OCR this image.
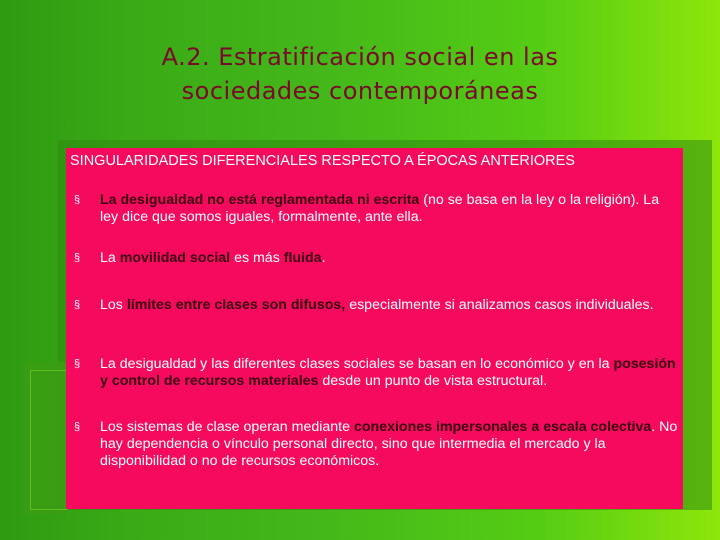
A.2. Estratificación social en las
sociedades contemporáneas
SINGULARIDADES DIFERENCIALES RESPECTO A ÉPOCAS ANTERIORES
§ La desigualdad no está reglamentada ni escrita (no se basa en la ley o la religión). La ley dice que somos iguales, formalmente, ante ella.
§ La movilidad social es más fluida.
§ Los límites entre clases son difusos, especialmente si analizamos casos individuales.
§ La desigualdad y las diferentes clases sociales se basan en lo económico y en la posesión y control de recursos materiales desde un punto de vista estructural.
§ Los sistemas de clase operan mediante conexiones impersonales a escala colectiva. No hay dependencia o vínculo personal directo, sino que intermedia el mercado y la disponibilidad o no de recursos económicos.
